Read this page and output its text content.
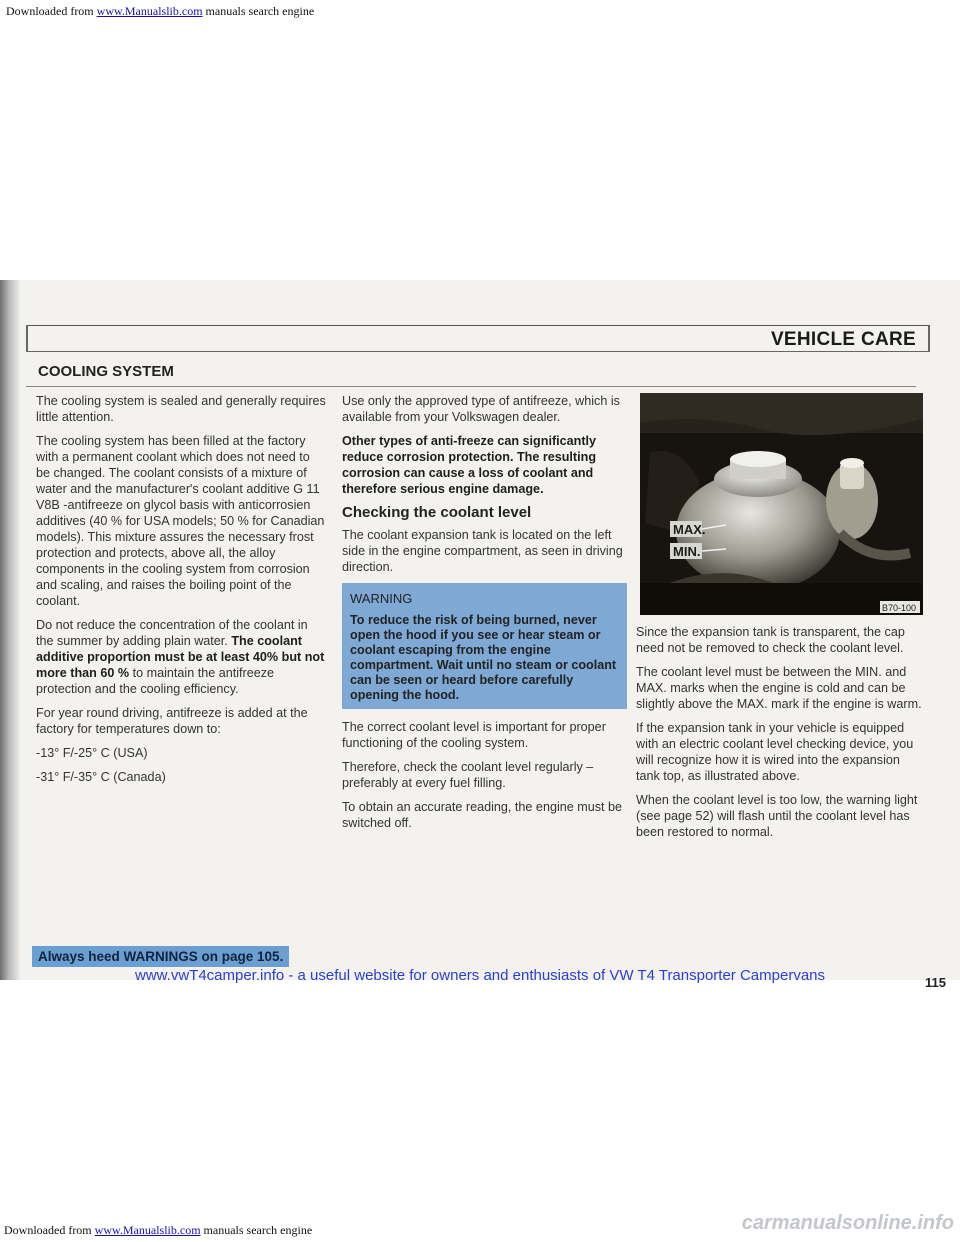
Downloaded from www.Manualslib.com manuals search engine
VEHICLE CARE
COOLING SYSTEM

The cooling system is sealed and generally requires little attention.

The cooling system has been filled at the factory with a permanent coolant which does not need to be changed. The coolant consists of a mixture of water and the manufacturer's coolant additive G 11 V8B -antifreeze on glycol basis with anticorrosien additives (40 % for USA models; 50 % for Canadian models). This mixture assures the necessary frost protection and protects, above all, the alloy components in the cooling system from corrosion and scaling, and raises the boiling point of the coolant.

Do not reduce the concentration of the coolant in the summer by adding plain water. The coolant additive proportion must be at least 40% but not more than 60 % to maintain the antifreeze protection and the cooling efficiency.

For year round driving, antifreeze is added at the factory for temperatures down to:

-13° F/-25° C (USA)

-31° F/-35° C (Canada)

Use only the approved type of antifreeze, which is available from your Volkswagen dealer.

Other types of anti-freeze can significantly reduce corrosion protection. The resulting corrosion can cause a loss of coolant and therefore serious engine damage.

Checking the coolant level

The coolant expansion tank is located on the left side in the engine compartment, as seen in driving direction.

WARNING
To reduce the risk of being burned, never open the hood if you see or hear steam or coolant escaping from the engine compartment. Wait until no steam or coolant can be seen or heard before carefully opening the hood.

The correct coolant level is important for proper functioning of the cooling system.

Therefore, check the coolant level regularly – preferably at every fuel filling.

To obtain an accurate reading, the engine must be switched off.

MAX.
MIN.
B70-100

Since the expansion tank is transparent, the cap need not be removed to check the coolant level.

The coolant level must be between the MIN. and MAX. marks when the engine is cold and can be slightly above the MAX. mark if the engine is warm.

If the expansion tank in your vehicle is equipped with an electric coolant level checking device, you will recognize how it is wired into the expansion tank top, as illustrated above.

When the coolant level is too low, the warning light (see page 52) will flash until the coolant level has been restored to normal.

Always heed WARNINGS on page 105.
115
www.vwT4camper.info - a useful website for owners and enthusiasts of VW T4 Transporter Campervans
Downloaded from www.Manualslib.com manuals search engine	carmanualsonline.info
